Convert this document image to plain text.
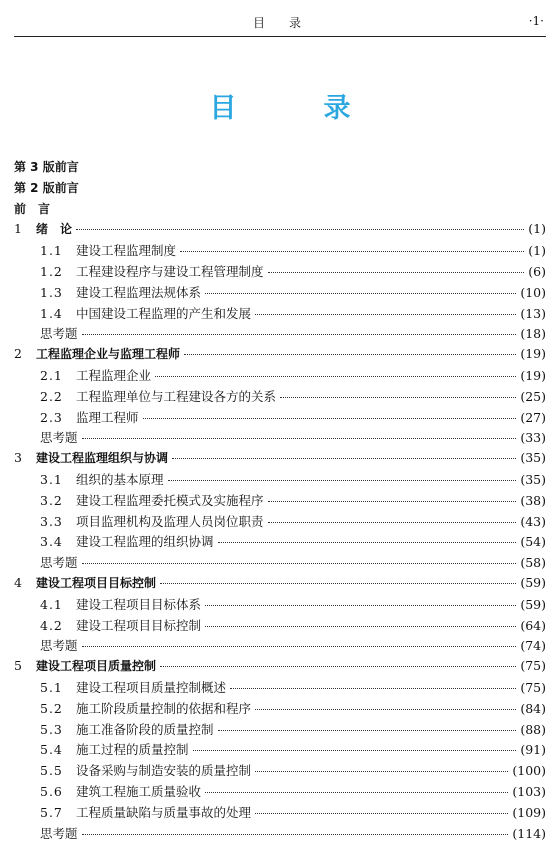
目　录	·1·
目　录
第 3 版前言
第 2 版前言
前　言
1	绪　论	(1)
1.1	建设工程监理制度	(1)
1.2	工程建设程序与建设工程管理制度	(6)
1.3	建设工程监理法规体系	(10)
1.4	中国建设工程监理的产生和发展	(13)
思考题	(18)
2	工程监理企业与监理工程师	(19)
2.1	工程监理企业	(19)
2.2	工程监理单位与工程建设各方的关系	(25)
2.3	监理工程师	(27)
思考题	(33)
3	建设工程监理组织与协调	(35)
3.1	组织的基本原理	(35)
3.2	建设工程监理委托模式及实施程序	(38)
3.3	项目监理机构及监理人员岗位职责	(43)
3.4	建设工程监理的组织协调	(54)
思考题	(58)
4	建设工程项目目标控制	(59)
4.1	建设工程项目目标体系	(59)
4.2	建设工程项目目标控制	(64)
思考题	(74)
5	建设工程项目质量控制	(75)
5.1	建设工程项目质量控制概述	(75)
5.2	施工阶段质量控制的依据和程序	(84)
5.3	施工准备阶段的质量控制	(88)
5.4	施工过程的质量控制	(91)
5.5	设备采购与制造安装的质量控制	(100)
5.6	建筑工程施工质量验收	(103)
5.7	工程质量缺陷与质量事故的处理	(109)
思考题	(114)
